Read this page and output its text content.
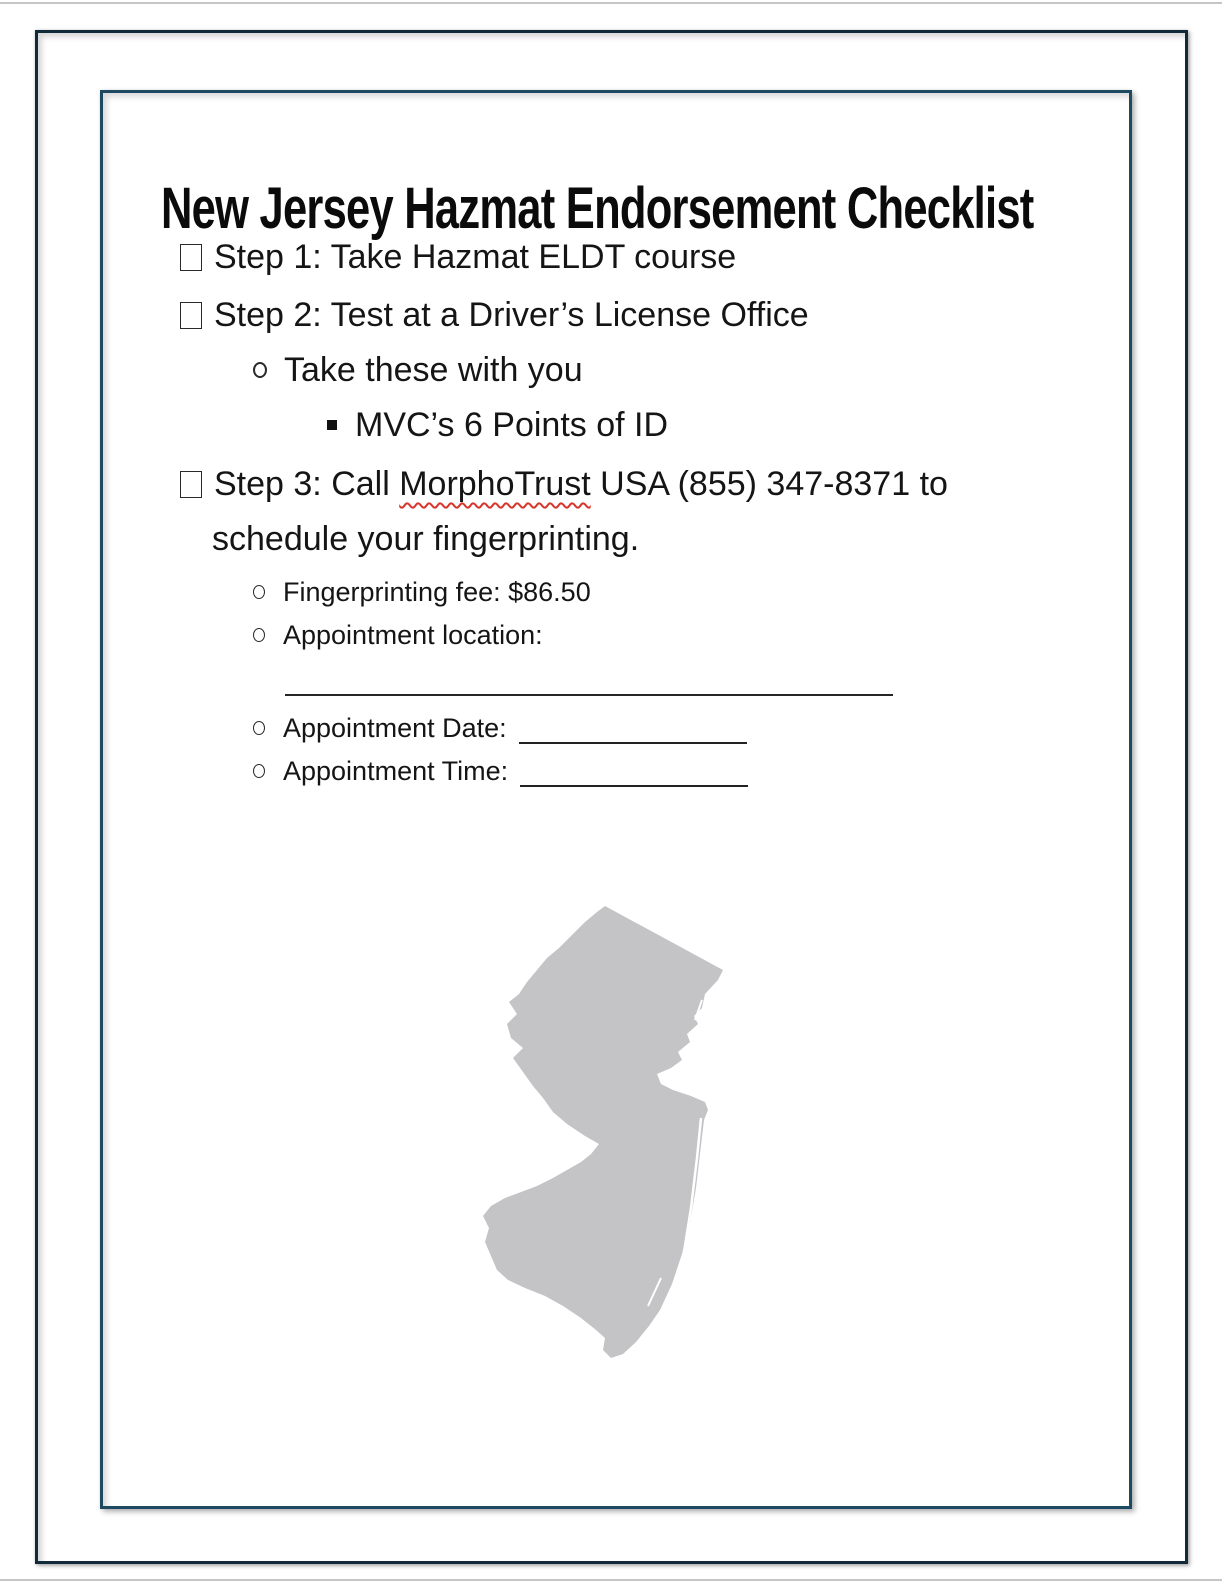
New Jersey Hazmat Endorsement Checklist
Step 1: Take Hazmat ELDT course
Step 2: Test at a Driver’s License Office
Take these with you
MVC’s 6 Points of ID
Step 3: Call MorphoTrust USA (855) 347-8371 to
schedule your fingerprinting.
Fingerprinting fee: $86.50
Appointment location:
Appointment Date:
Appointment Time:
